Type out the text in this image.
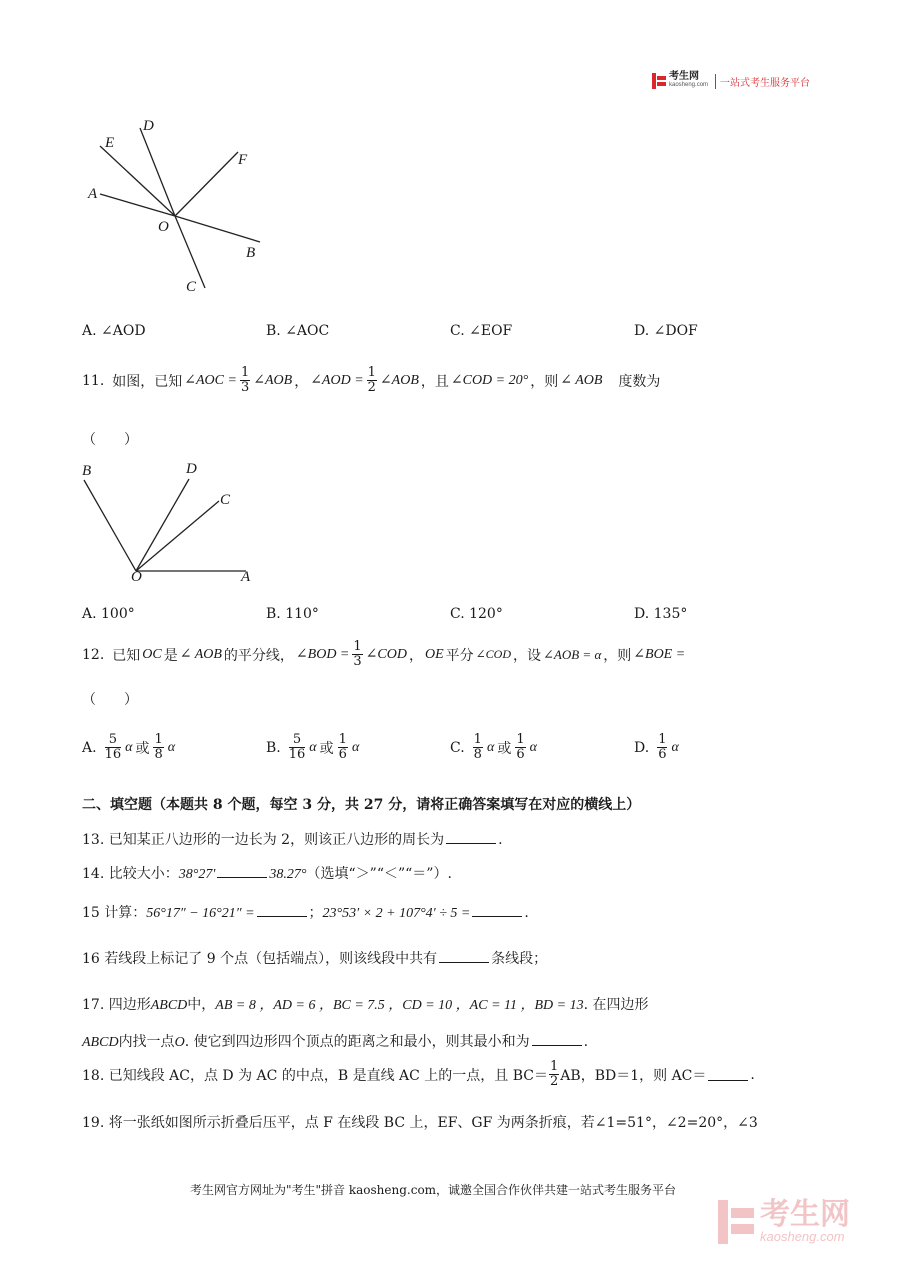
考生网
kaosheng.com	一站式考生服务平台
D
E
F
A
O
B
C
A. ∠AOD	B. ∠AOC	C. ∠EOF	D. ∠DOF
11. 如图，已知 ∠AOC = $\frac{1}{3}$ ∠AOB ， ∠AOD = $\frac{1}{2}$ ∠AOB ，且 ∠COD = 20° ，则 ∠ AOB 度数为
（　　）
B	D
C
O	A
A. 100°	B. 110°	C. 120°	D. 135°
12. 已知 OC 是 ∠ AOB 的平分线， ∠BOD = $\frac{1}{3}$ ∠COD ， OE 平分 ∠COD ，设 ∠AOB = α ，则 ∠BOE =
（　　）
A. $\frac{5}{16}$ α 或 $\frac{1}{8}$ α	B. $\frac{5}{16}$ α 或 $\frac{1}{6}$ α	C. $\frac{1}{8}$ α 或 $\frac{1}{6}$ α	D. $\frac{1}{6}$ α
二、填空题（本题共 8 个题，每空 3 分，共 27 分，请将正确答案填写在对应的横线上）
13. 已知某正八边形的一边长为 2，则该正八边形的周长为	.
14. 比较大小：38°27′	38.27°（选填“＞”“＜”“＝”）.
15 计算：56°17″ − 16°21″ =	；23°53′ × 2 + 107°4′ ÷ 5 =	.
16 若线段上标记了 9 个点（包括端点），则该线段中共有	条线段；
17. 四边形ABCD中，AB = 8 ，AD = 6 ，BC = 7.5 ，CD = 10 ，AC = 11 ，BD = 13. 在四边形
ABCD内找一点O. 使它到四边形四个顶点的距离之和最小，则其最小和为	.
18. 已知线段 AC，点 D 为 AC 的中点，B 是直线 AC 上的一点，且 $BC= \frac{1}{2}$ AB，BD＝1，则 AC＝	.
19. 将一张纸如图所示折叠后压平，点 F 在线段 BC 上，EF、GF 为两条折痕，若∠1=51°，∠2=20°，∠3
考生网官方网址为"考生"拼音 kaosheng.com，诚邀全国合作伙伴共建一站式考生服务平台
考生网
kaosheng.com
